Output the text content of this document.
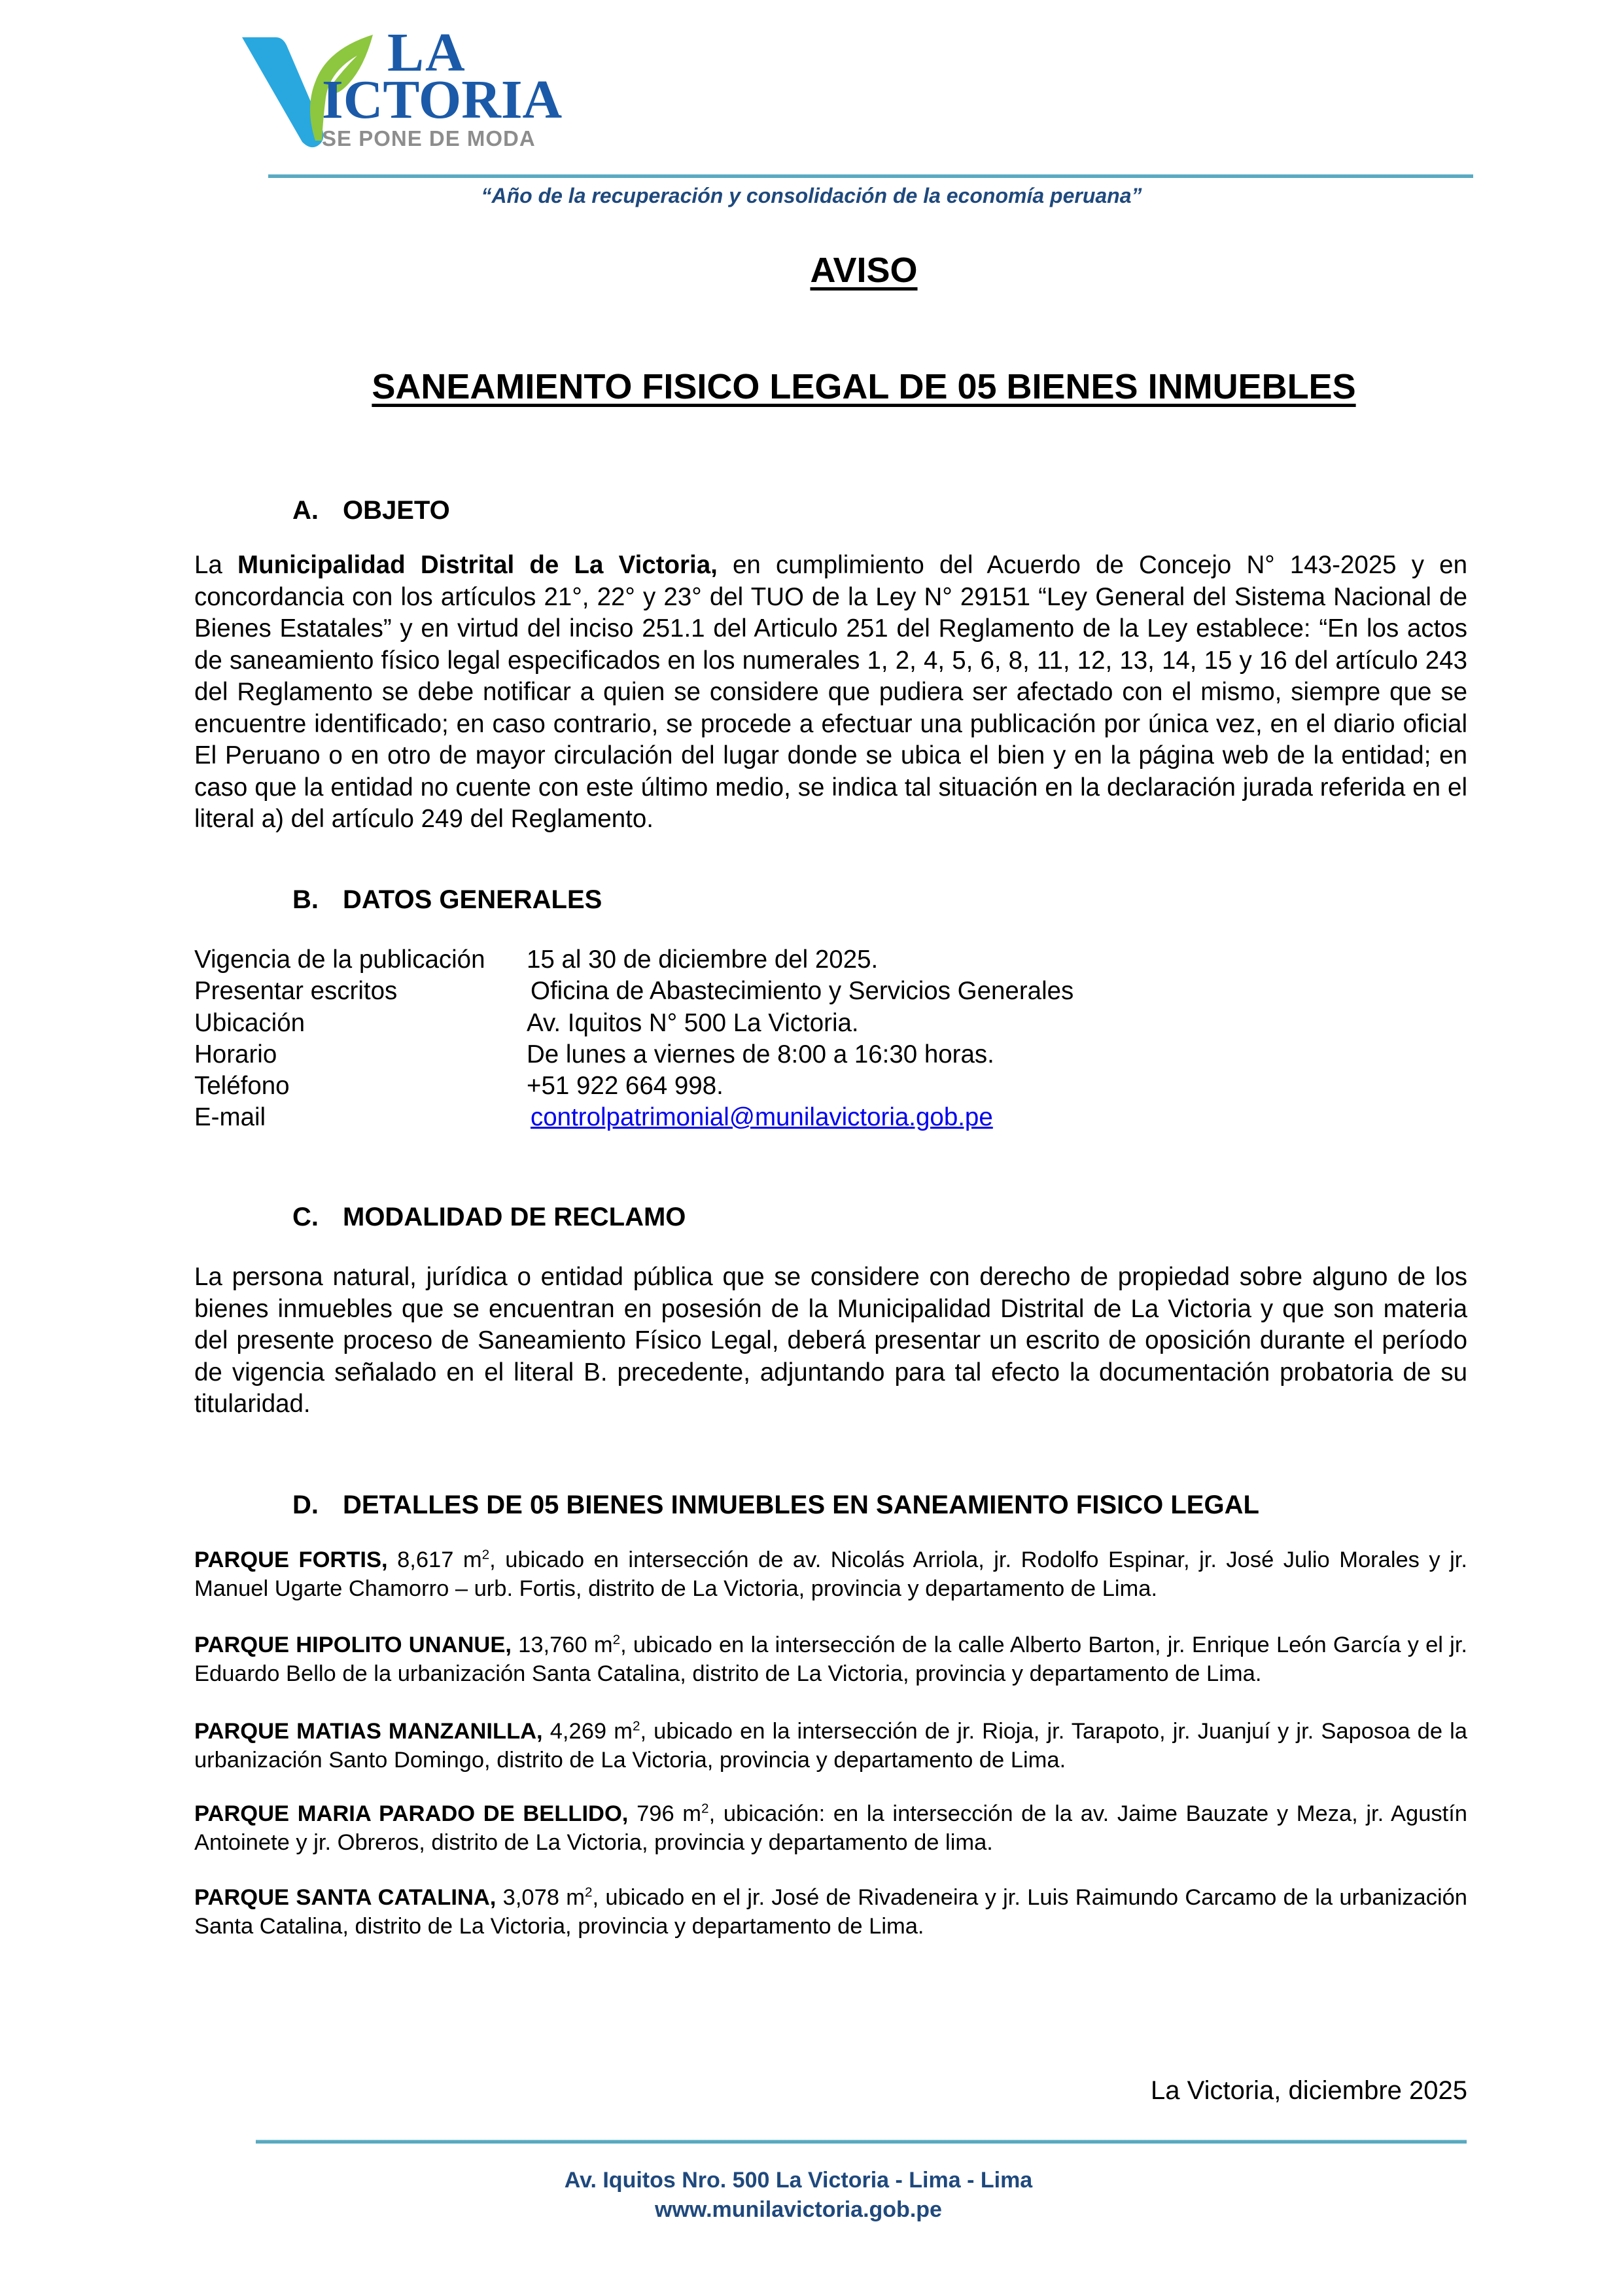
LA
ICTORIA
SE PONE DE MODA
“Año de la recuperación y consolidación de la economía peruana”
AVISO
SANEAMIENTO FISICO LEGAL DE 05 BIENES INMUEBLES
A. OBJETO
La Municipalidad Distrital de La Victoria, en cumplimiento del Acuerdo de Concejo N° 143-2025 y en concordancia con los artículos 21°, 22° y 23° del TUO de la Ley N° 29151 “Ley General del Sistema Nacional de Bienes Estatales” y en virtud del inciso 251.1 del Articulo 251 del Reglamento de la Ley establece: “En los actos de saneamiento físico legal especificados en los numerales 1, 2, 4, 5, 6, 8, 11, 12, 13, 14, 15 y 16 del artículo 243 del Reglamento se debe notificar a quien se considere que pudiera ser afectado con el mismo, siempre que se encuentre identificado; en caso contrario, se procede a efectuar una publicación por única vez, en el diario oficial El Peruano o en otro de mayor circulación del lugar donde se ubica el bien y en la página web de la entidad; en caso que la entidad no cuente con este último medio, se indica tal situación en la declaración jurada referida en el literal a) del artículo 249 del Reglamento.
B. DATOS GENERALES
Vigencia de la publicación	15 al 30 de diciembre del 2025.
Presentar escritos	Oficina de Abastecimiento y Servicios Generales
Ubicación	Av. Iquitos N° 500 La Victoria.
Horario	De lunes a viernes de 8:00 a 16:30 horas.
Teléfono	+51 922 664 998.
E-mail	controlpatrimonial@munilavictoria.gob.pe
C. MODALIDAD DE RECLAMO
La persona natural, jurídica o entidad pública que se considere con derecho de propiedad sobre alguno de los bienes inmuebles que se encuentran en posesión de la Municipalidad Distrital de La Victoria y que son materia del presente proceso de Saneamiento Físico Legal, deberá presentar un escrito de oposición durante el período de vigencia señalado en el literal B. precedente, adjuntando para tal efecto la documentación probatoria de su titularidad.
D. DETALLES DE 05 BIENES INMUEBLES EN SANEAMIENTO FISICO LEGAL
PARQUE FORTIS, 8,617 $m^2$, ubicado en intersección de av. Nicolás Arriola, jr. Rodolfo Espinar, jr. José Julio Morales y jr. Manuel Ugarte Chamorro – urb. Fortis, distrito de La Victoria, provincia y departamento de Lima.
PARQUE HIPOLITO UNANUE, 13,760 $m^2$, ubicado en la intersección de la calle Alberto Barton, jr. Enrique León García y el jr. Eduardo Bello de la urbanización Santa Catalina, distrito de La Victoria, provincia y departamento de Lima.
PARQUE MATIAS MANZANILLA, 4,269 $m^2$, ubicado en la intersección de jr. Rioja, jr. Tarapoto, jr. Juanjuí y jr. Saposoa de la urbanización Santo Domingo, distrito de La Victoria, provincia y departamento de Lima.
PARQUE MARIA PARADO DE BELLIDO, 796 $m^2$, ubicación: en la intersección de la av. Jaime Bauzate y Meza, jr. Agustín Antoinete y jr. Obreros, distrito de La Victoria, provincia y departamento de lima.
PARQUE SANTA CATALINA, 3,078 $m^2$, ubicado en el jr. José de Rivadeneira y jr. Luis Raimundo Carcamo de la urbanización Santa Catalina, distrito de La Victoria, provincia y departamento de Lima.
La Victoria, diciembre 2025
Av. Iquitos Nro. 500 La Victoria - Lima - Lima
www.munilavictoria.gob.pe
